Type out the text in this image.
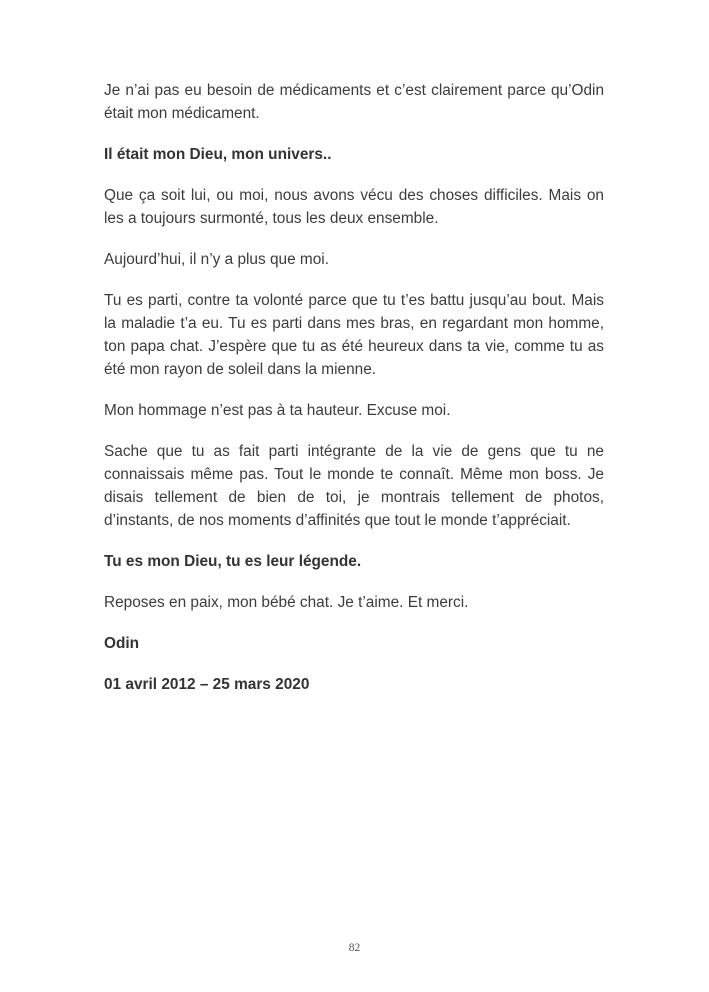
Je n’ai pas eu besoin de médicaments et c’est clairement parce qu’Odin était mon médicament.

Il était mon Dieu, mon univers..

Que ça soit lui, ou moi, nous avons vécu des choses difficiles. Mais on les a toujours surmonté, tous les deux ensemble.

Aujourd’hui, il n’y a plus que moi.

Tu es parti, contre ta volonté parce que tu t’es battu jusqu’au bout. Mais la maladie t’a eu. Tu es parti dans mes bras, en regardant mon homme, ton papa chat. J’espère que tu as été heureux dans ta vie, comme tu as été mon rayon de soleil dans la mienne.

Mon hommage n’est pas à ta hauteur. Excuse moi.

Sache que tu as fait parti intégrante de la vie de gens que tu ne connaissais même pas. Tout le monde te connaît. Même mon boss. Je disais tellement de bien de toi, je montrais tellement de photos, d’instants, de nos moments d’affinités que tout le monde t’appréciait.

Tu es mon Dieu, tu es leur légende.

Reposes en paix, mon bébé chat. Je t’aime. Et merci.

Odin

01 avril 2012 – 25 mars 2020

82
